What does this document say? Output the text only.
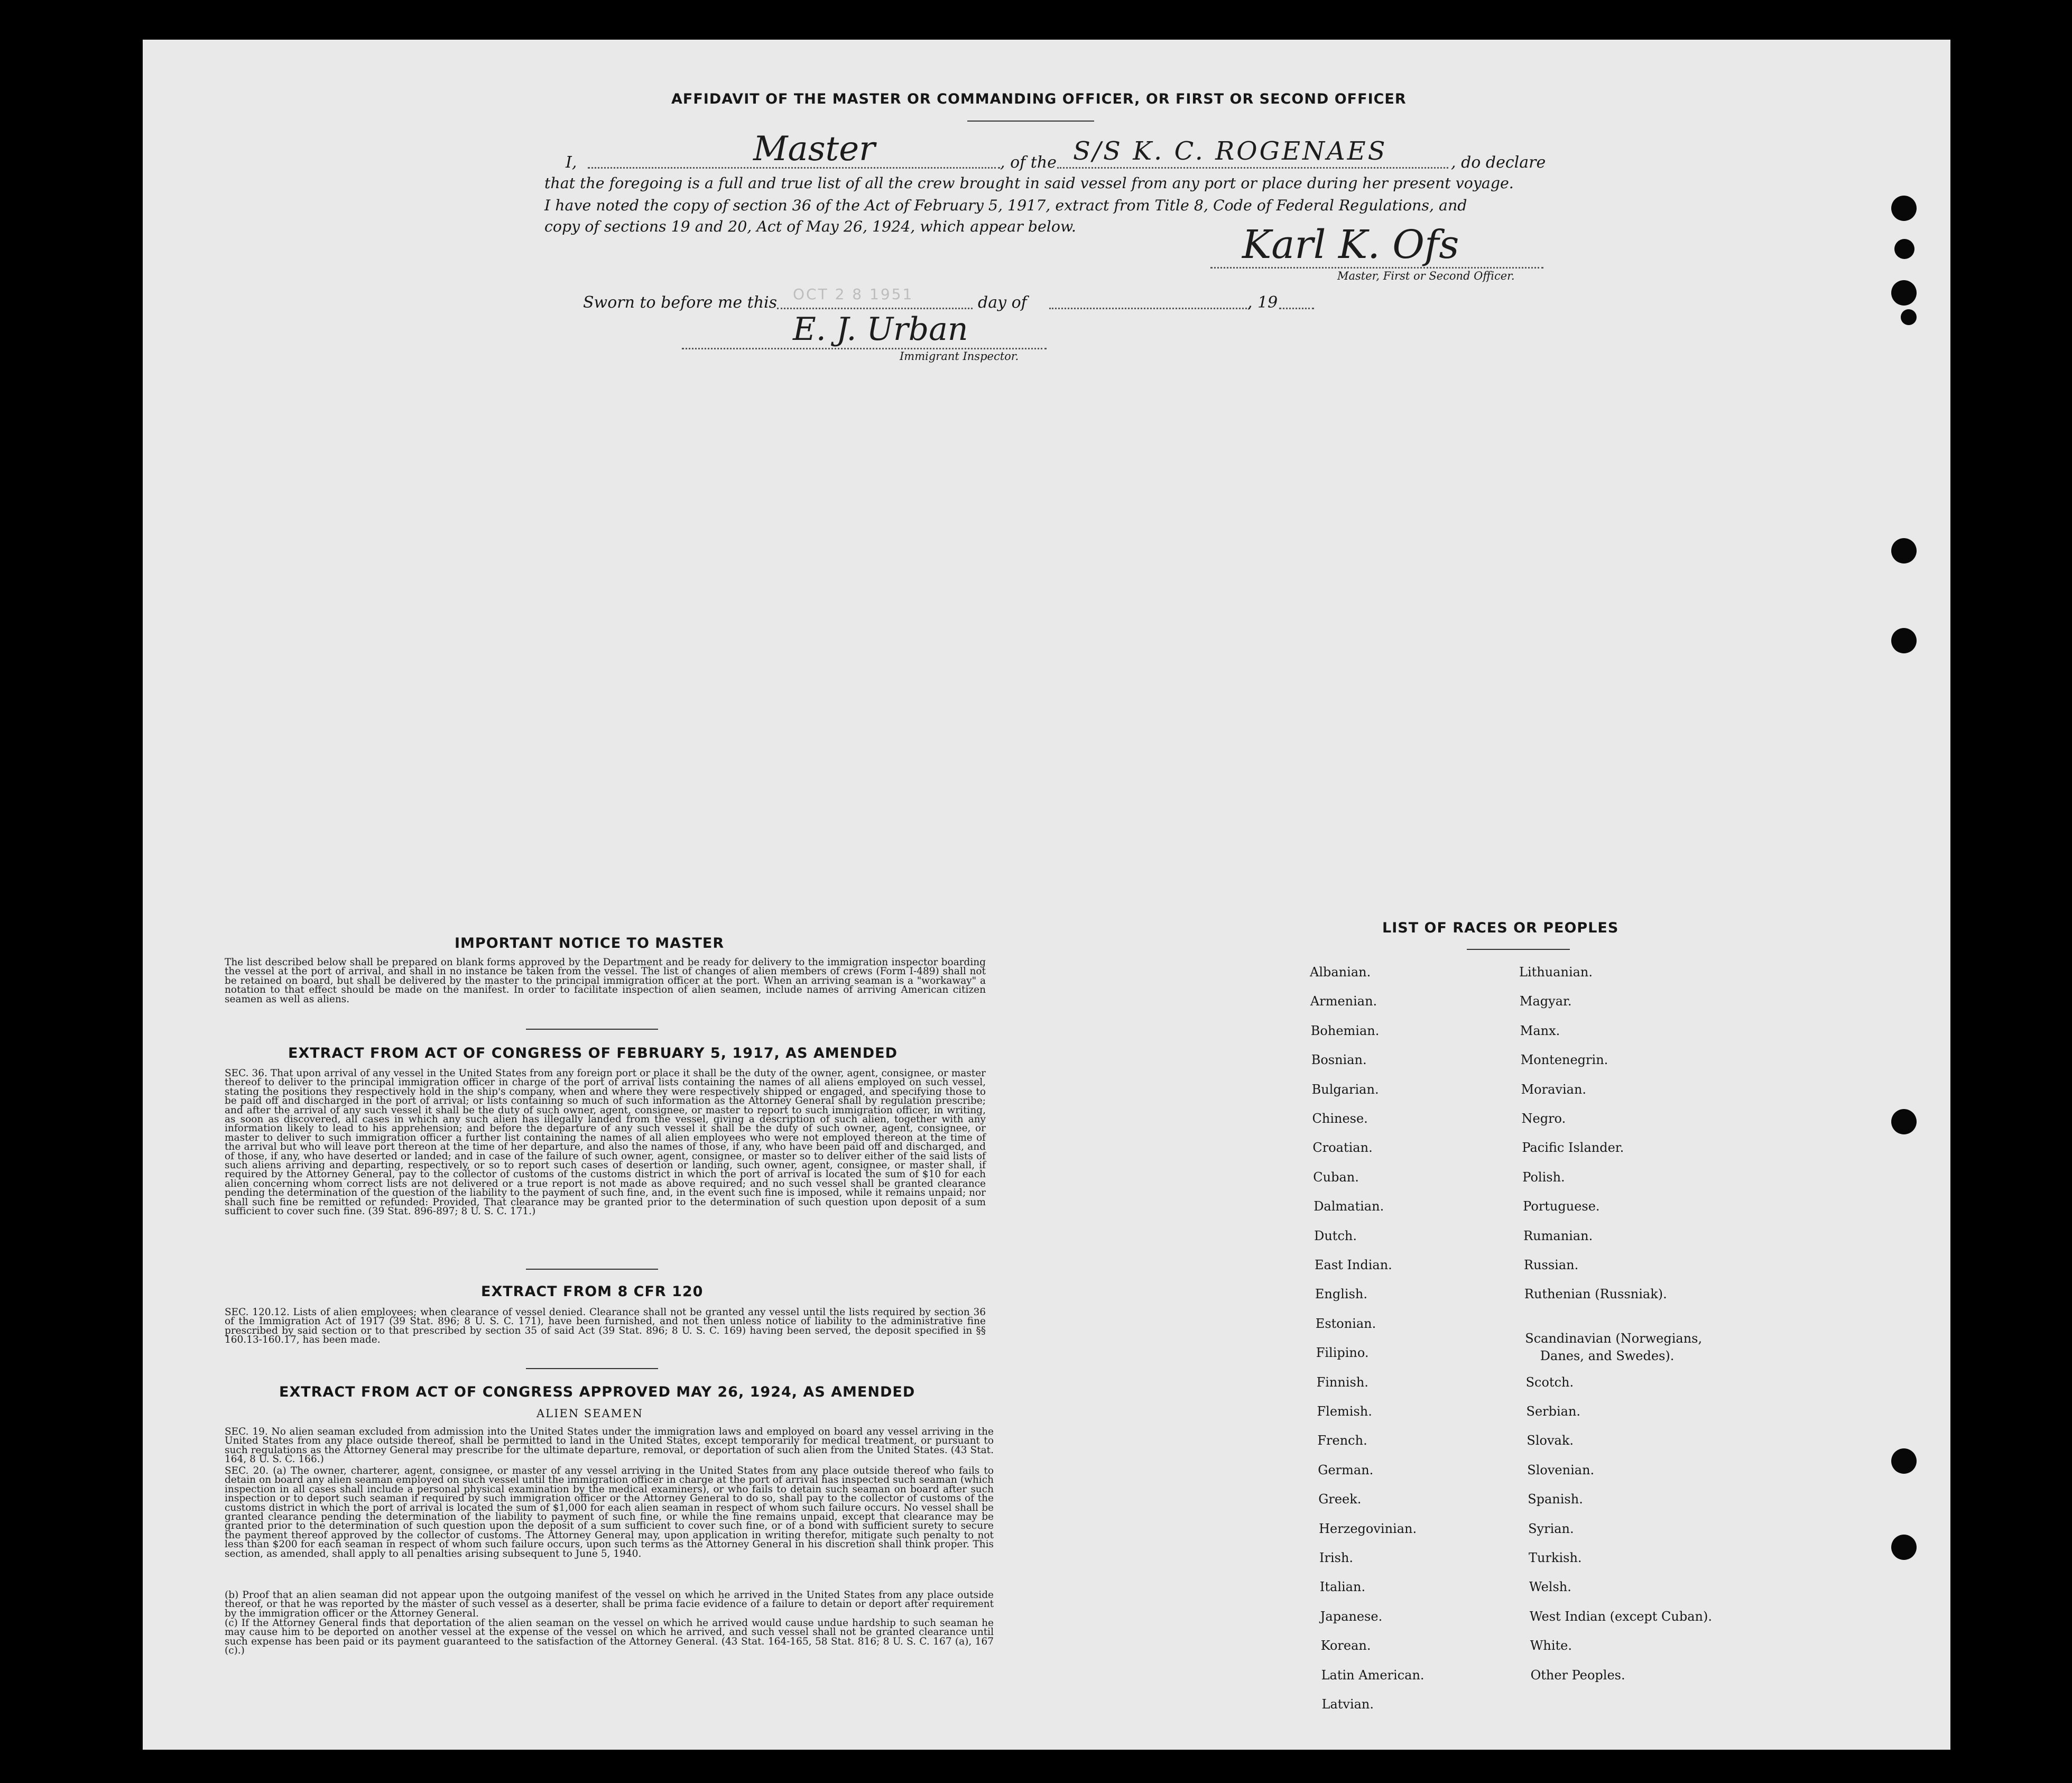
AFFIDAVIT OF THE MASTER OR COMMANDING OFFICER, OR FIRST OR SECOND OFFICER
I,	Master	, of the S/S K. C. ROGENAES	, do declare
that the foregoing is a full and true list of all the crew brought in said vessel from any port or place during her present voyage.
I have noted the copy of section 36 of the Act of February 5, 1917, extract from Title 8, Code of Federal Regulations, and
copy of sections 19 and 20, Act of May 26, 1924, which appear below.	Karl K. Ofs
Master, First or Second Officer.
Sworn to before me this OCT 2 8 1951	day of	, 19
E. J. Urban
Immigrant Inspector.
IMPORTANT NOTICE TO MASTER
The list described below shall be prepared on blank forms approved by the Department and be ready for delivery to the immigration inspector boarding the vessel at the port of arrival, and shall in no instance be taken from the vessel. The list of changes of alien members of crews (Form I-489) shall not be retained on board, but shall be delivered by the master to the principal immigration officer at the port. When an arriving seaman is a "workaway" a notation to that effect should be made on the manifest. In order to facilitate inspection of alien seamen, include names of arriving American citizen seamen as well as aliens.
EXTRACT FROM ACT OF CONGRESS OF FEBRUARY 5, 1917, AS AMENDED
SEC. 36. That upon arrival of any vessel in the United States from any foreign port or place it shall be the duty of the owner, agent, consignee, or master thereof to deliver to the principal immigration officer in charge of the port of arrival lists containing the names of all aliens employed on such vessel, stating the positions they respectively hold in the ship's company, when and where they were respectively shipped or engaged, and specifying those to be paid off and discharged in the port of arrival; or lists containing so much of such information as the Attorney General shall by regulation prescribe; and after the arrival of any such vessel it shall be the duty of such owner, agent, consignee, or master to report to such immigration officer, in writing, as soon as discovered, all cases in which any such alien has illegally landed from the vessel, giving a description of such alien, together with any information likely to lead to his apprehension; and before the departure of any such vessel it shall be the duty of such owner, agent, consignee, or master to deliver to such immigration officer a further list containing the names of all alien employees who were not employed thereon at the time of the arrival but who will leave port thereon at the time of her departure, and also the names of those, if any, who have been paid off and discharged, and of those, if any, who have deserted or landed; and in case of the failure of such owner, agent, consignee, or master so to deliver either of the said lists of such aliens arriving and departing, respectively, or so to report such cases of desertion or landing, such owner, agent, consignee, or master shall, if required by the Attorney General, pay to the collector of customs of the customs district in which the port of arrival is located the sum of $10 for each alien concerning whom correct lists are not delivered or a true report is not made as above required; and no such vessel shall be granted clearance pending the determination of the question of the liability to the payment of such fine, and, in the event such fine is imposed, while it remains unpaid; nor shall such fine be remitted or refunded: Provided, That clearance may be granted prior to the determination of such question upon deposit of a sum sufficient to cover such fine. (39 Stat. 896-897; 8 U. S. C. 171.)
EXTRACT FROM 8 CFR 120
SEC. 120.12. Lists of alien employees; when clearance of vessel denied. Clearance shall not be granted any vessel until the lists required by section 36 of the Immigration Act of 1917 (39 Stat. 896; 8 U. S. C. 171), have been furnished, and not then unless notice of liability to the administrative fine prescribed by said section or to that prescribed by section 35 of said Act (39 Stat. 896; 8 U. S. C. 169) having been served, the deposit specified in §§ 160.13-160.17, has been made.
EXTRACT FROM ACT OF CONGRESS APPROVED MAY 26, 1924, AS AMENDED
ALIEN SEAMEN
SEC. 19. No alien seaman excluded from admission into the United States under the immigration laws and employed on board any vessel arriving in the United States from any place outside thereof, shall be permitted to land in the United States, except temporarily for medical treatment, or pursuant to such regulations as the Attorney General may prescribe for the ultimate departure, removal, or deportation of such alien from the United States. (43 Stat. 164, 8 U. S. C. 166.)
SEC. 20. (a) The owner, charterer, agent, consignee, or master of any vessel arriving in the United States from any place outside thereof who fails to detain on board any alien seaman employed on such vessel until the immigration officer in charge at the port of arrival has inspected such seaman (which inspection in all cases shall include a personal physical examination by the medical examiners), or who fails to detain such seaman on board after such inspection or to deport such seaman if required by such immigration officer or the Attorney General to do so, shall pay to the collector of customs of the customs district in which the port of arrival is located the sum of $1,000 for each alien seaman in respect of whom such failure occurs. No vessel shall be granted clearance pending the determination of the liability to payment of such fine, or while the fine remains unpaid, except that clearance may be granted prior to the determination of such question upon the deposit of a sum sufficient to cover such fine, or of a bond with sufficient surety to secure the payment thereof approved by the collector of customs. The Attorney General may, upon application in writing therefor, mitigate such penalty to not less than $200 for each seaman in respect of whom such failure occurs, upon such terms as the Attorney General in his discretion shall think proper. This section, as amended, shall apply to all penalties arising subsequent to June 5, 1940.
(b) Proof that an alien seaman did not appear upon the outgoing manifest of the vessel on which he arrived in the United States from any place outside thereof, or that he was reported by the master of such vessel as a deserter, shall be prima facie evidence of a failure to detain or deport after requirement by the immigration officer or the Attorney General.
(c) If the Attorney General finds that deportation of the alien seaman on the vessel on which he arrived would cause undue hardship to such seaman he may cause him to be deported on another vessel at the expense of the vessel on which he arrived, and such vessel shall not be granted clearance until such expense has been paid or its payment guaranteed to the satisfaction of the Attorney General. (43 Stat. 164-165, 58 Stat. 816; 8 U. S. C. 167 (a), 167 (c).)
LIST OF RACES OR PEOPLES
Albanian.
Armenian.
Bohemian.
Bosnian.
Bulgarian.
Chinese.
Croatian.
Cuban.
Dalmatian.
Dutch.
East Indian.
English.
Estonian.
Filipino.
Finnish.
Flemish.
French.
German.
Greek.
Herzegovinian.
Irish.
Italian.
Japanese.
Korean.
Latin American.
Latvian.
Lithuanian.
Magyar.
Manx.
Montenegrin.
Moravian.
Negro.
Pacific Islander.
Polish.
Portuguese.
Rumanian.
Russian.
Ruthenian (Russniak).
Scandinavian (Norwegians,
Danes, and Swedes).
Scotch.
Serbian.
Slovak.
Slovenian.
Spanish.
Syrian.
Turkish.
Welsh.
West Indian (except Cuban).
White.
Other Peoples.
